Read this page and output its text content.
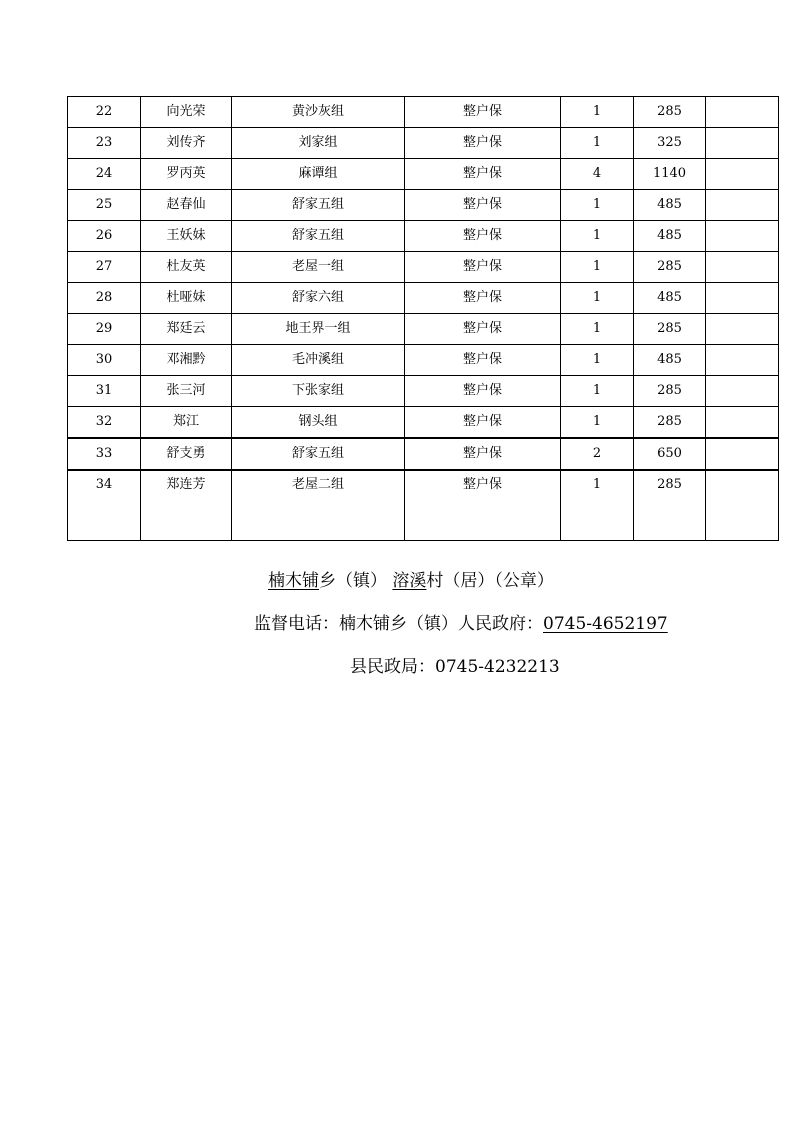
22	向光荣	黄沙灰组	整户保	1	285	
23	刘传齐	刘家组	整户保	1	325	
24	罗丙英	麻谭组	整户保	4	1140	
25	赵春仙	舒家五组	整户保	1	485	
26	王妖妹	舒家五组	整户保	1	485	
27	杜友英	老屋一组	整户保	1	285	
28	杜哑妹	舒家六组	整户保	1	485	
29	郑廷云	地王界一组	整户保	1	285	
30	邓湘黔	毛冲溪组	整户保	1	485	
31	张三河	下张家组	整户保	1	285	
32	郑江	钢头组	整户保	1	285	
33	舒支勇	舒家五组	整户保	2	650	
34	郑连芳	老屋二组	整户保	1	285	
楠木铺乡（镇） 溶溪村（居）（公章）
监督电话：楠木铺乡（镇）人民政府：0745-4652197
县民政局：0745-4232213
